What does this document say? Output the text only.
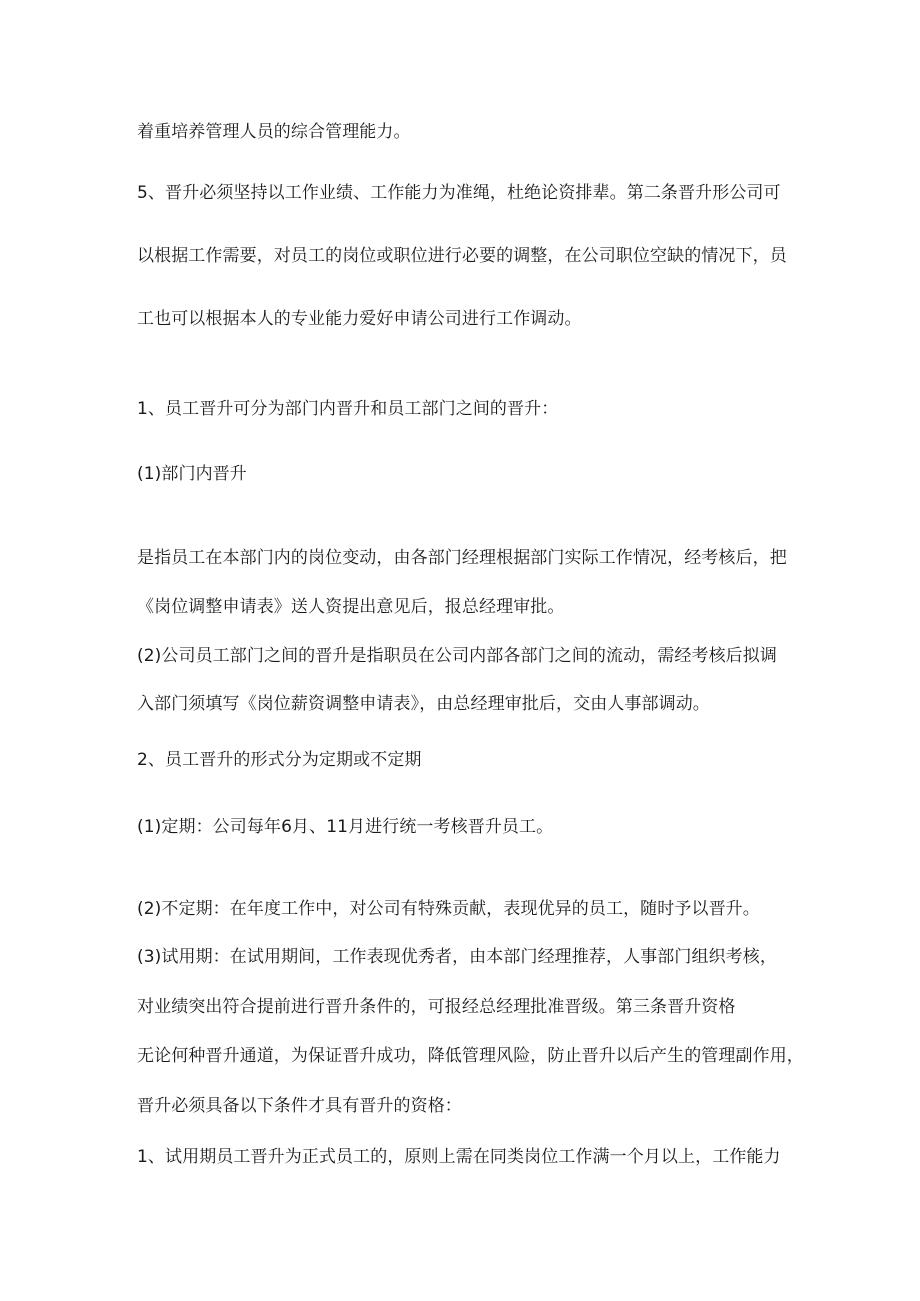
着重培养管理人员的综合管理能力。
5、晋升必须坚持以工作业绩、工作能力为准绳，杜绝论资排辈。第二条晋升形公司可
以根据工作需要，对员工的岗位或职位进行必要的调整，在公司职位空缺的情况下，员
工也可以根据本人的专业能力爱好申请公司进行工作调动。
1、员工晋升可分为部门内晋升和员工部门之间的晋升：
(1)部门内晋升
是指员工在本部门内的岗位变动，由各部门经理根据部门实际工作情况，经考核后，把
《岗位调整申请表》送人资提出意见后，报总经理审批。
(2)公司员工部门之间的晋升是指职员在公司内部各部门之间的流动，需经考核后拟调
入部门须填写《岗位薪资调整申请表》，由总经理审批后，交由人事部调动。
2、员工晋升的形式分为定期或不定期
(1)定期：公司每年6月、11月进行统一考核晋升员工。
(2)不定期：在年度工作中，对公司有特殊贡献，表现优异的员工，随时予以晋升。
(3)试用期：在试用期间，工作表现优秀者，由本部门经理推荐，人事部门组织考核，
对业绩突出符合提前进行晋升条件的，可报经总经理批准晋级。第三条晋升资格
无论何种晋升通道，为保证晋升成功，降低管理风险，防止晋升以后产生的管理副作用，
晋升必须具备以下条件才具有晋升的资格：
1、试用期员工晋升为正式员工的，原则上需在同类岗位工作满一个月以上，工作能力
